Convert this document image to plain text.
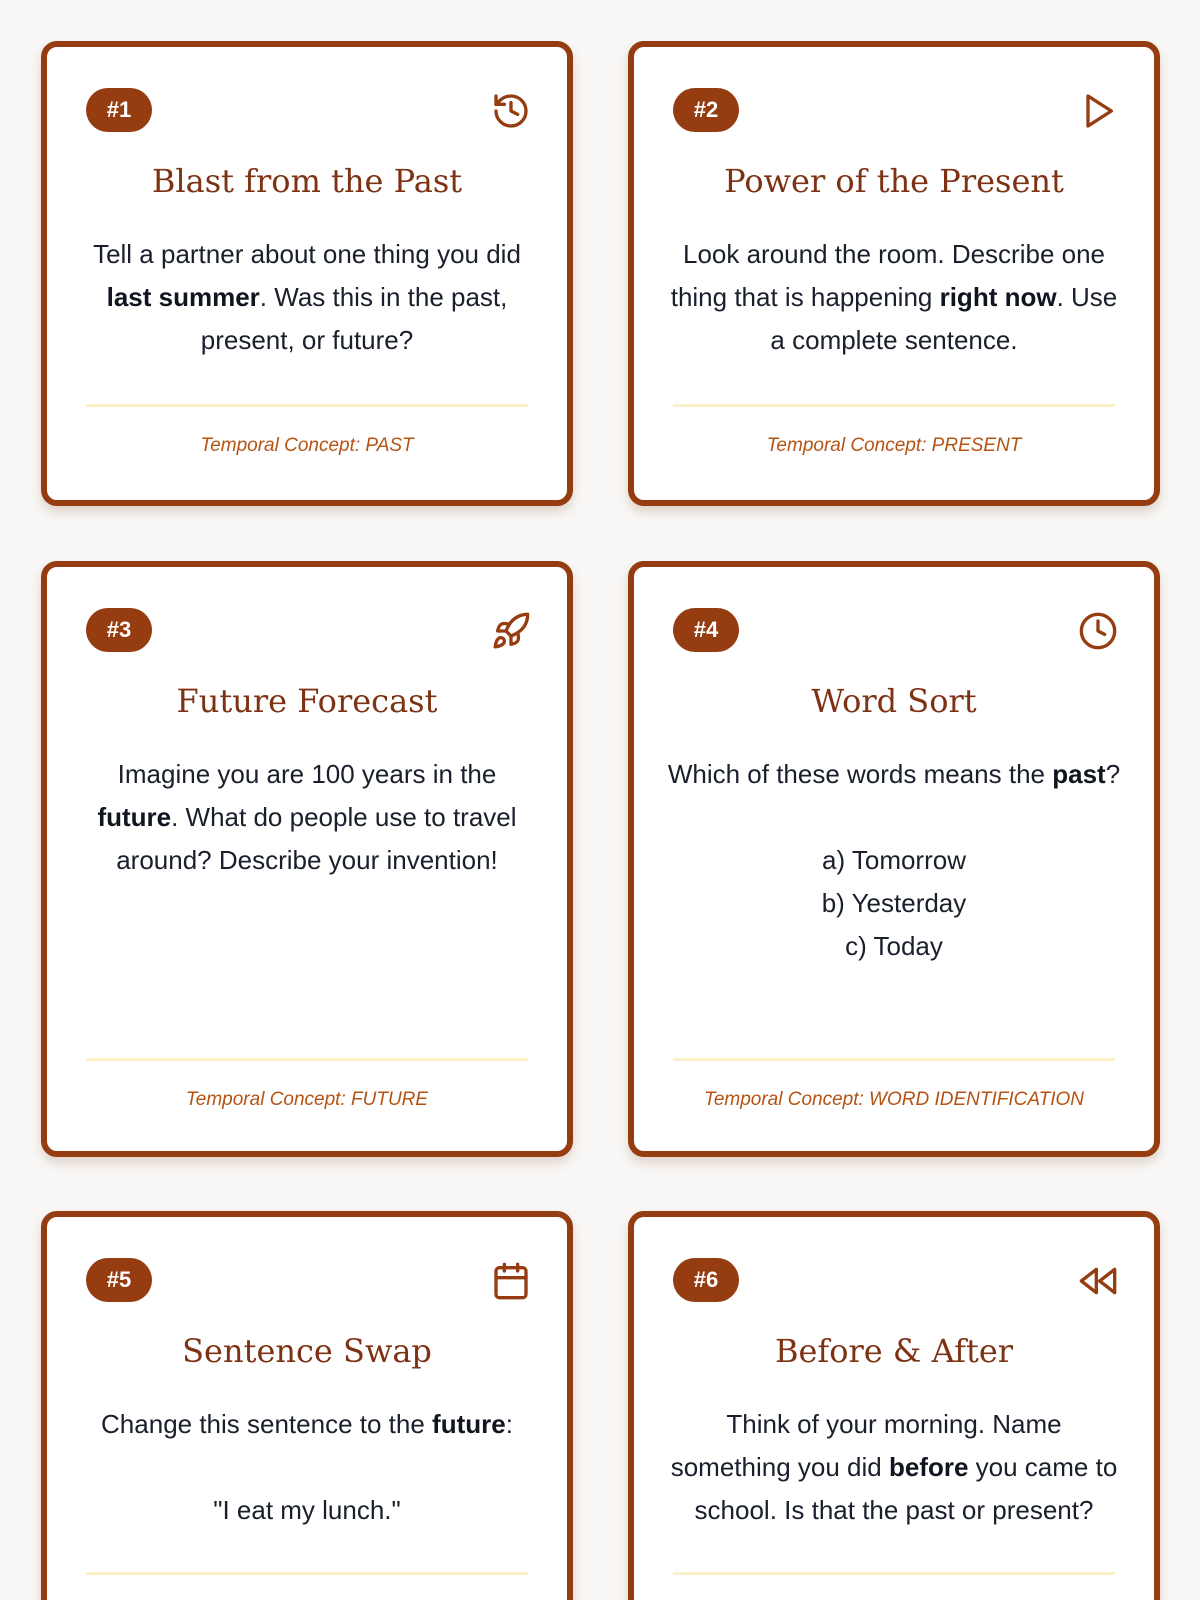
#1
Blast from the Past
Tell a partner about one thing you did last summer. Was this in the past, present, or future?
Temporal Concept: PAST
#2
Power of the Present
Look around the room. Describe one thing that is happening right now. Use a complete sentence.
Temporal Concept: PRESENT
#3
Future Forecast
Imagine you are 100 years in the future. What do people use to travel around? Describe your invention!
Temporal Concept: FUTURE
#4
Word Sort
Which of these words means the past?

a) Tomorrow
b) Yesterday
c) Today
Temporal Concept: WORD IDENTIFICATION
#5
Sentence Swap
Change this sentence to the future:

"I eat my lunch."
#6
Before & After
Think of your morning. Name something you did before you came to school. Is that the past or present?
